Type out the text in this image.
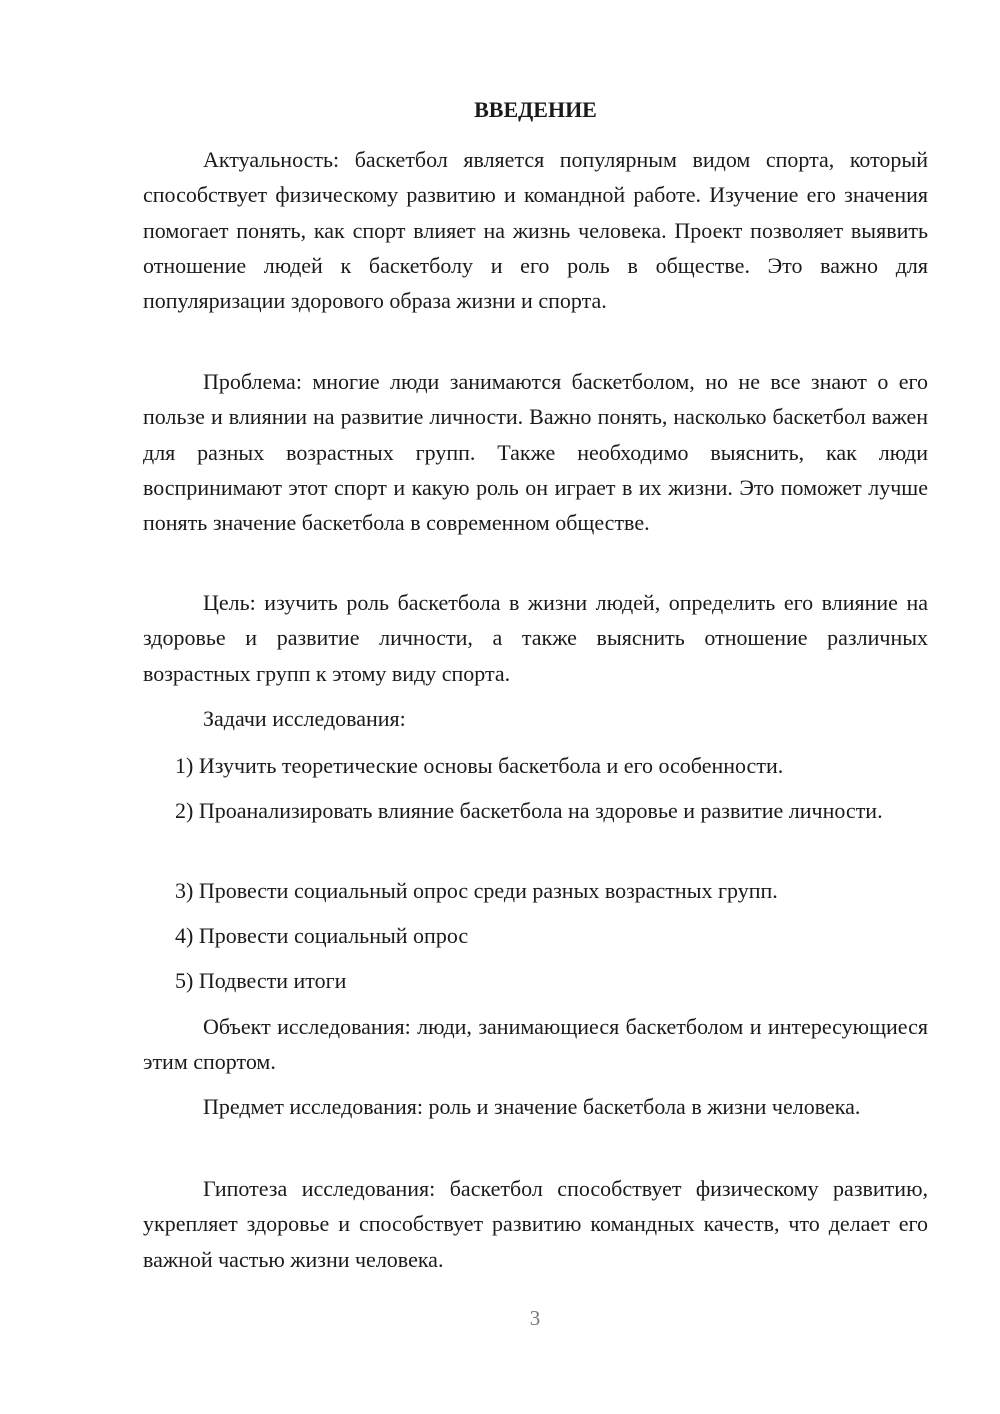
ВВЕДЕНИЕ

Актуальность: баскетбол является популярным видом спорта, который способствует физическому развитию и командной работе. Изучение его значения помогает понять, как спорт влияет на жизнь человека. Проект позволяет выявить отношение людей к баскетболу и его роль в обществе. Это важно для популяризации здорового образа жизни и спорта.

Проблема: многие люди занимаются баскетболом, но не все знают о его пользе и влиянии на развитие личности. Важно понять, насколько баскетбол важен для разных возрастных групп. Также необходимо выяснить, как люди воспринимают этот спорт и какую роль он играет в их жизни. Это поможет лучше понять значение баскетбола в современном обществе.

Цель: изучить роль баскетбола в жизни людей, определить его влияние на здоровье и развитие личности, а также выяснить отношение различных возрастных групп к этому виду спорта.

Задачи исследования:

1) Изучить теоретические основы баскетбола и его особенности.

2) Проанализировать влияние баскетбола на здоровье и развитие личности.

3) Провести социальный опрос среди разных возрастных групп.

4) Провести социальный опрос

5) Подвести итоги

Объект исследования: люди, занимающиеся баскетболом и интересующиеся этим спортом.

Предмет исследования: роль и значение баскетбола в жизни человека.

Гипотеза исследования: баскетбол способствует физическому развитию, укрепляет здоровье и способствует развитию командных качеств, что делает его важной частью жизни человека.

3
